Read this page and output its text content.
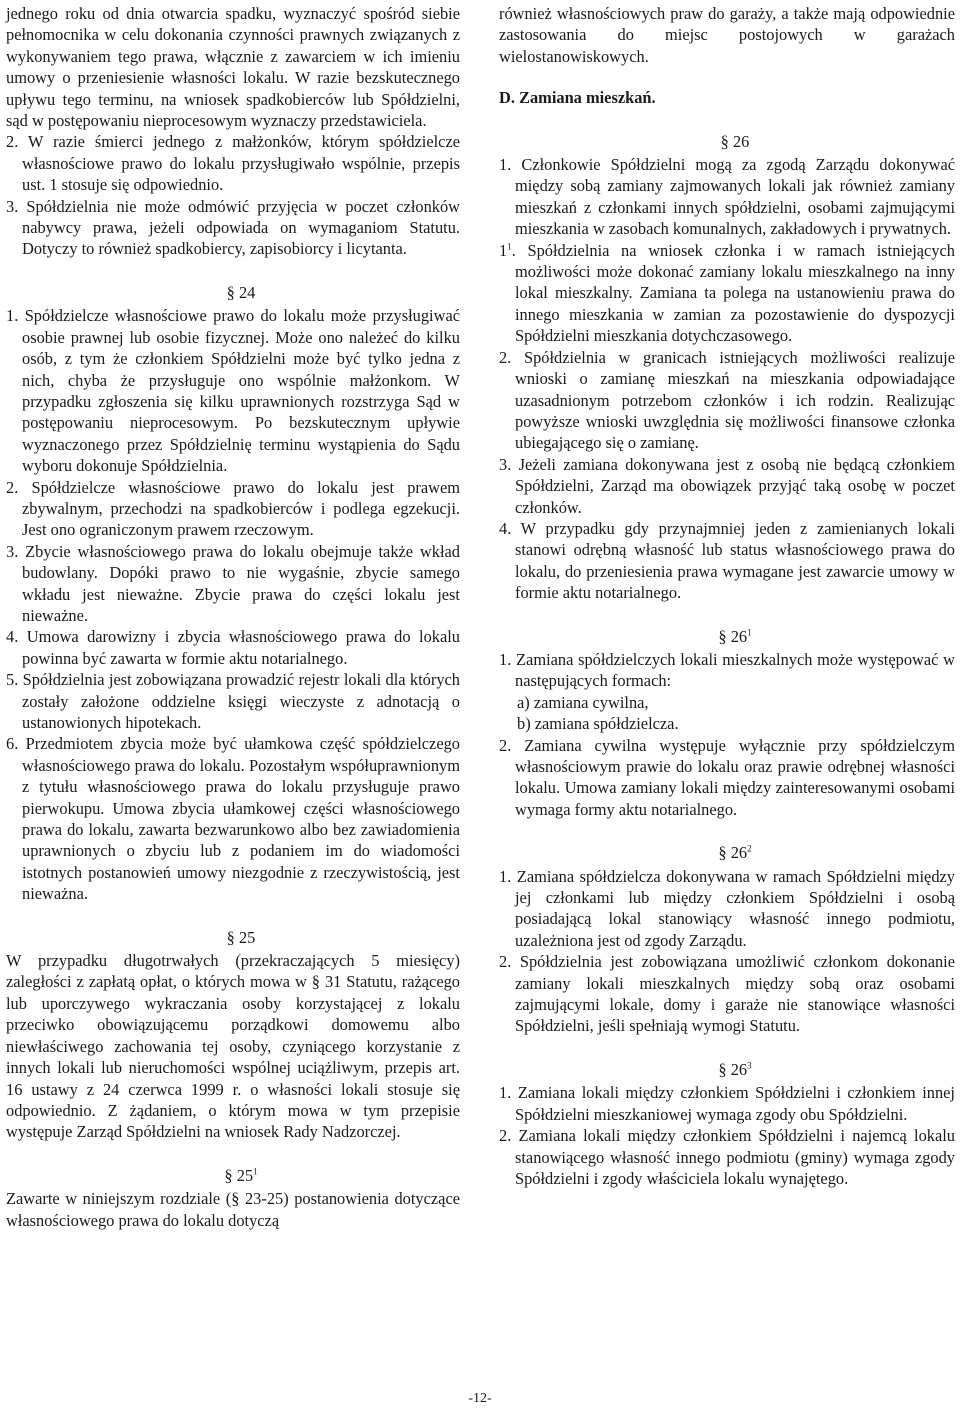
jednego roku od dnia otwarcia spadku, wyznaczyć spośród siebie pełnomocnika w celu dokonania czynności prawnych związanych z wykonywaniem tego prawa, włącznie z zawarciem w ich imieniu umowy o przeniesienie własności lokalu. W razie bezskutecznego upływu tego terminu, na wniosek spadkobierców lub Spółdzielni, sąd w postępowaniu nieprocesowym wyznaczy przedstawiciela.

2. W razie śmierci jednego z małżonków, którym spółdzielcze własnościowe prawo do lokalu przysługiwało wspólnie, przepis ust. 1 stosuje się odpowiednio.

3. Spółdzielnia nie może odmówić przyjęcia w poczet członków nabywcy prawa, jeżeli odpowiada on wymaganiom Statutu. Dotyczy to również spadkobiercy, zapisobiorcy i licytanta.

§ 24

1. Spółdzielcze własnościowe prawo do lokalu może przysługiwać osobie prawnej lub osobie fizycznej. Może ono należeć do kilku osób, z tym że członkiem Spółdzielni może być tylko jedna z nich, chyba że przysługuje ono wspólnie małżonkom. W przypadku zgłoszenia się kilku uprawnionych rozstrzyga Sąd w postępowaniu nieprocesowym. Po bezskutecznym upływie wyznaczonego przez Spółdzielnię terminu wystąpienia do Sądu wyboru dokonuje Spółdzielnia.

2. Spółdzielcze własnościowe prawo do lokalu jest prawem zbywalnym, przechodzi na spadkobierców i podlega egzekucji. Jest ono ograniczonym prawem rzeczowym.

3. Zbycie własnościowego prawa do lokalu obejmuje także wkład budowlany. Dopóki prawo to nie wygaśnie, zbycie samego wkładu jest nieważne. Zbycie prawa do części lokalu jest nieważne.

4. Umowa darowizny i zbycia własnościowego prawa do lokalu powinna być zawarta w formie aktu notarialnego.

5. Spółdzielnia jest zobowiązana prowadzić rejestr lokali dla których zostały założone oddzielne księgi wieczyste z adnotacją o ustanowionych hipotekach.

6. Przedmiotem zbycia może być ułamkowa część spółdzielczego własnościowego prawa do lokalu. Pozostałym współuprawnionym z tytułu własnościowego prawa do lokalu przysługuje prawo pierwokupu. Umowa zbycia ułamkowej części własnościowego prawa do lokalu, zawarta bezwarunkowo albo bez zawiadomienia uprawnionych o zbyciu lub z podaniem im do wiadomości istotnych postanowień umowy niezgodnie z rzeczywistością, jest nieważna.

§ 25

W przypadku długotrwałych (przekraczających 5 miesięcy) zaległości z zapłatą opłat, o których mowa w § 31 Statutu, rażącego lub uporczywego wykraczania osoby korzystającej z lokalu przeciwko obowiązującemu porządkowi domowemu albo niewłaściwego zachowania tej osoby, czyniącego korzystanie z innych lokali lub nieruchomości wspólnej uciążliwym, przepis art. 16 ustawy z 24 czerwca 1999 r. o własności lokali stosuje się odpowiednio. Z żądaniem, o którym mowa w tym przepisie występuje Zarząd Spółdzielni na wniosek Rady Nadzorczej.

§ $25^1$

Zawarte w niniejszym rozdziale (§ 23-25) postanowienia dotyczące własnościowego prawa do lokalu dotyczą

również własnościowych praw do garaży, a także mają odpowiednie zastosowania do miejsc postojowych w garażach wielostanowiskowych.

D. Zamiana mieszkań.

§ 26

1. Członkowie Spółdzielni mogą za zgodą Zarządu dokonywać między sobą zamiany zajmowanych lokali jak również zamiany mieszkań z członkami innych spółdzielni, osobami zajmującymi mieszkania w zasobach komunalnych, zakładowych i prywatnych.

$1^1$. Spółdzielnia na wniosek członka i w ramach istniejących możliwości może dokonać zamiany lokalu mieszkalnego na inny lokal mieszkalny. Zamiana ta polega na ustanowieniu prawa do innego mieszkania w zamian za pozostawienie do dyspozycji Spółdzielni mieszkania dotychczasowego.

2. Spółdzielnia w granicach istniejących możliwości realizuje wnioski o zamianę mieszkań na mieszkania odpowiadające uzasadnionym potrzebom członków i ich rodzin. Realizując powyższe wnioski uwzględnia się możliwości finansowe członka ubiegającego się o zamianę.

3. Jeżeli zamiana dokonywana jest z osobą nie będącą członkiem Spółdzielni, Zarząd ma obowiązek przyjąć taką osobę w poczet członków.

4. W przypadku gdy przynajmniej jeden z zamienianych lokali stanowi odrębną własność lub status własnościowego prawa do lokalu, do przeniesienia prawa wymagane jest zawarcie umowy w formie aktu notarialnego.

§ $26^1$

1. Zamiana spółdzielczych lokali mieszkalnych może występować w następujących formach:

a) zamiana cywilna,

b) zamiana spółdzielcza.

2. Zamiana cywilna występuje wyłącznie przy spółdzielczym własnościowym prawie do lokalu oraz prawie odrębnej własności lokalu. Umowa zamiany lokali między zainteresowanymi osobami wymaga formy aktu notarialnego.

§ $26^2$

1. Zamiana spółdzielcza dokonywana w ramach Spółdzielni między jej członkami lub między członkiem Spółdzielni i osobą posiadającą lokal stanowiący własność innego podmiotu, uzależniona jest od zgody Zarządu.

2. Spółdzielnia jest zobowiązana umożliwić członkom dokonanie zamiany lokali mieszkalnych między sobą oraz osobami zajmującymi lokale, domy i garaże nie stanowiące własności Spółdzielni, jeśli spełniają wymogi Statutu.

§ $26^3$

1. Zamiana lokali między członkiem Spółdzielni i członkiem innej Spółdzielni mieszkaniowej wymaga zgody obu Spółdzielni.

2. Zamiana lokali między członkiem Spółdzielni i najemcą lokalu stanowiącego własność innego podmiotu (gminy) wymaga zgody Spółdzielni i zgody właściciela lokalu wynajętego.

-12-
